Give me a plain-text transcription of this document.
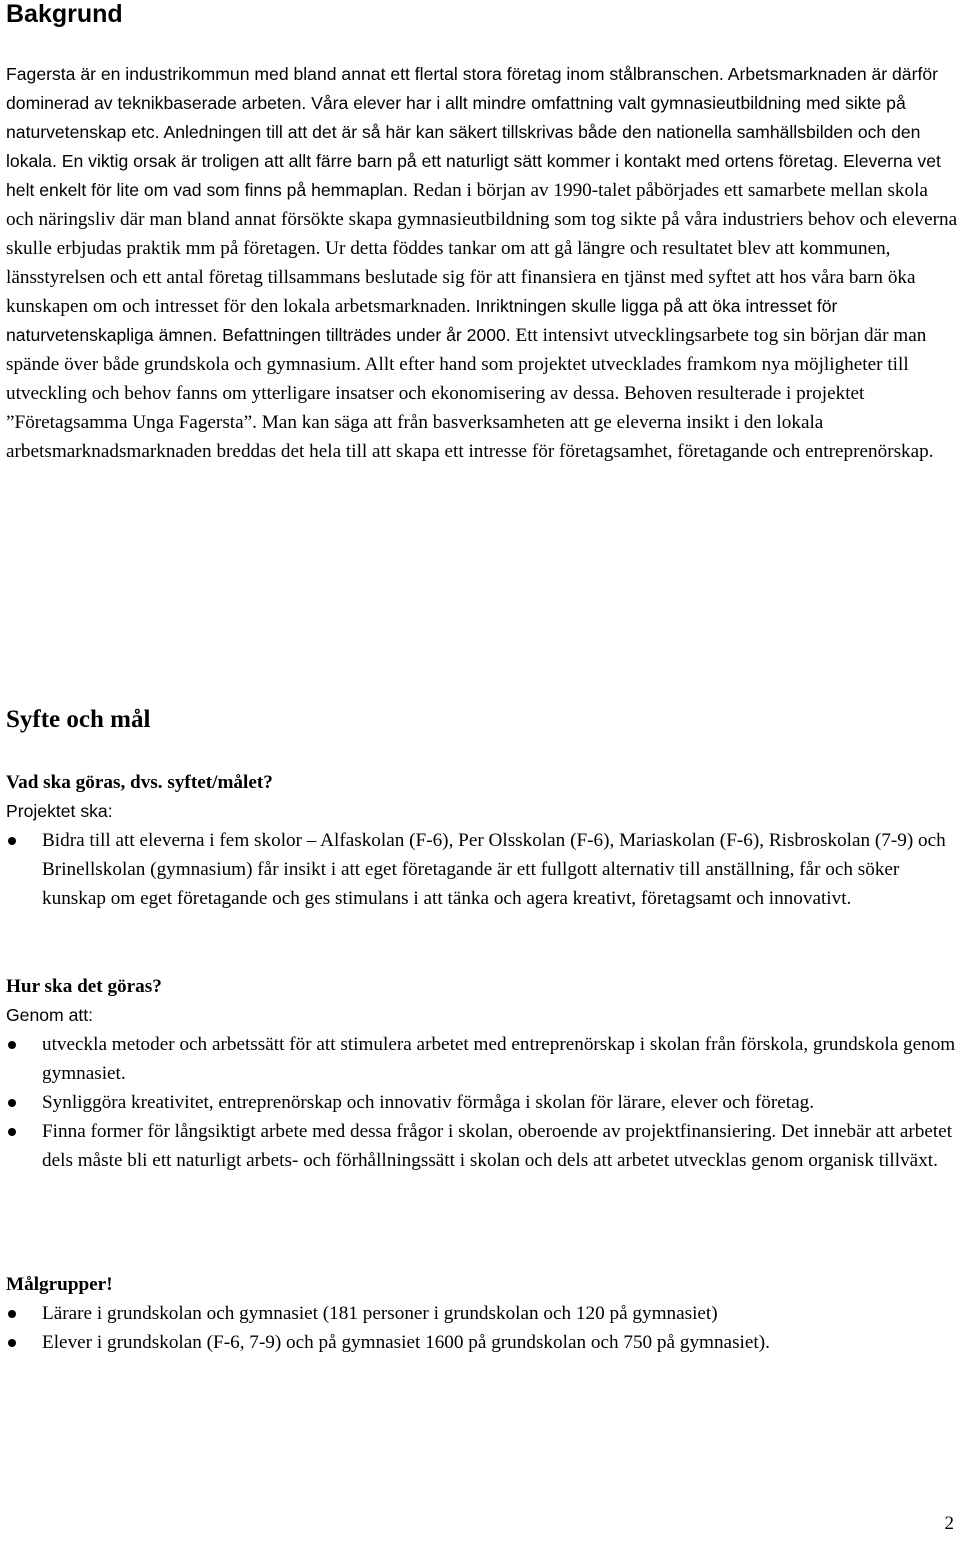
Bakgrund

Fagersta är en industrikommun med bland annat ett flertal stora företag inom stålbranschen. Arbetsmarknaden är därför dominerad av teknikbaserade arbeten. Våra elever har i allt mindre omfattning valt gymnasieutbildning med sikte på naturvetenskap etc. Anledningen till att det är så här kan säkert tillskrivas både den nationella samhällsbilden och den lokala. En viktig orsak är troligen att allt färre barn på ett naturligt sätt kommer i kontakt med ortens företag. Eleverna vet helt enkelt för lite om vad som finns på hemmaplan. Redan i början av 1990-talet påbörjades ett samarbete mellan skola och näringsliv där man bland annat försökte skapa gymnasieutbildning som tog sikte på våra industriers behov och eleverna skulle erbjudas praktik mm på företagen. Ur detta föddes tankar om att gå längre och resultatet blev att kommunen, länsstyrelsen och ett antal företag tillsammans beslutade sig för att finansiera en tjänst med syftet att hos våra barn öka kunskapen om och intresset för den lokala arbetsmarknaden. Inriktningen skulle ligga på att öka intresset för naturvetenskapliga ämnen. Befattningen tillträdes under år 2000. Ett intensivt utvecklingsarbete tog sin början där man spände över både grundskola och gymnasium. Allt efter hand som projektet utvecklades framkom nya möjligheter till utveckling och behov fanns om ytterligare insatser och ekonomisering av dessa. Behoven resulterade i projektet ”Företagsamma Unga Fagersta”. Man kan säga att från basverksamheten att ge eleverna insikt i den lokala arbetsmarknadsmarknaden breddas det hela till att skapa ett intresse för företagsamhet, företagande och entreprenörskap.

Syfte och mål

Vad ska göras, dvs. syftet/målet?

Projektet ska:

Bidra till att eleverna i fem skolor – Alfaskolan (F-6), Per Olsskolan (F-6), Mariaskolan (F-6), Risbroskolan (7-9) och Brinellskolan (gymnasium) får insikt i att eget företagande är ett fullgott alternativ till anställning, får och söker kunskap om eget företagande och ges stimulans i att tänka och agera kreativt, företagsamt och innovativt.

Hur ska det göras?

Genom att:

utveckla metoder och arbetssätt för att stimulera arbetet med entreprenörskap i skolan från förskola, grundskola genom gymnasiet.
Synliggöra kreativitet, entreprenörskap och innovativ förmåga i skolan för lärare, elever och företag.
Finna former för långsiktigt arbete med dessa frågor i skolan, oberoende av projektfinansiering. Det innebär att arbetet dels måste bli ett naturligt arbets- och förhållningssätt i skolan och dels att arbetet utvecklas genom organisk tillväxt.

Målgrupper!

Lärare i grundskolan och gymnasiet (181 personer i grundskolan och 120 på gymnasiet)
Elever i grundskolan (F-6, 7-9) och på gymnasiet 1600 på grundskolan och 750 på gymnasiet).
2
